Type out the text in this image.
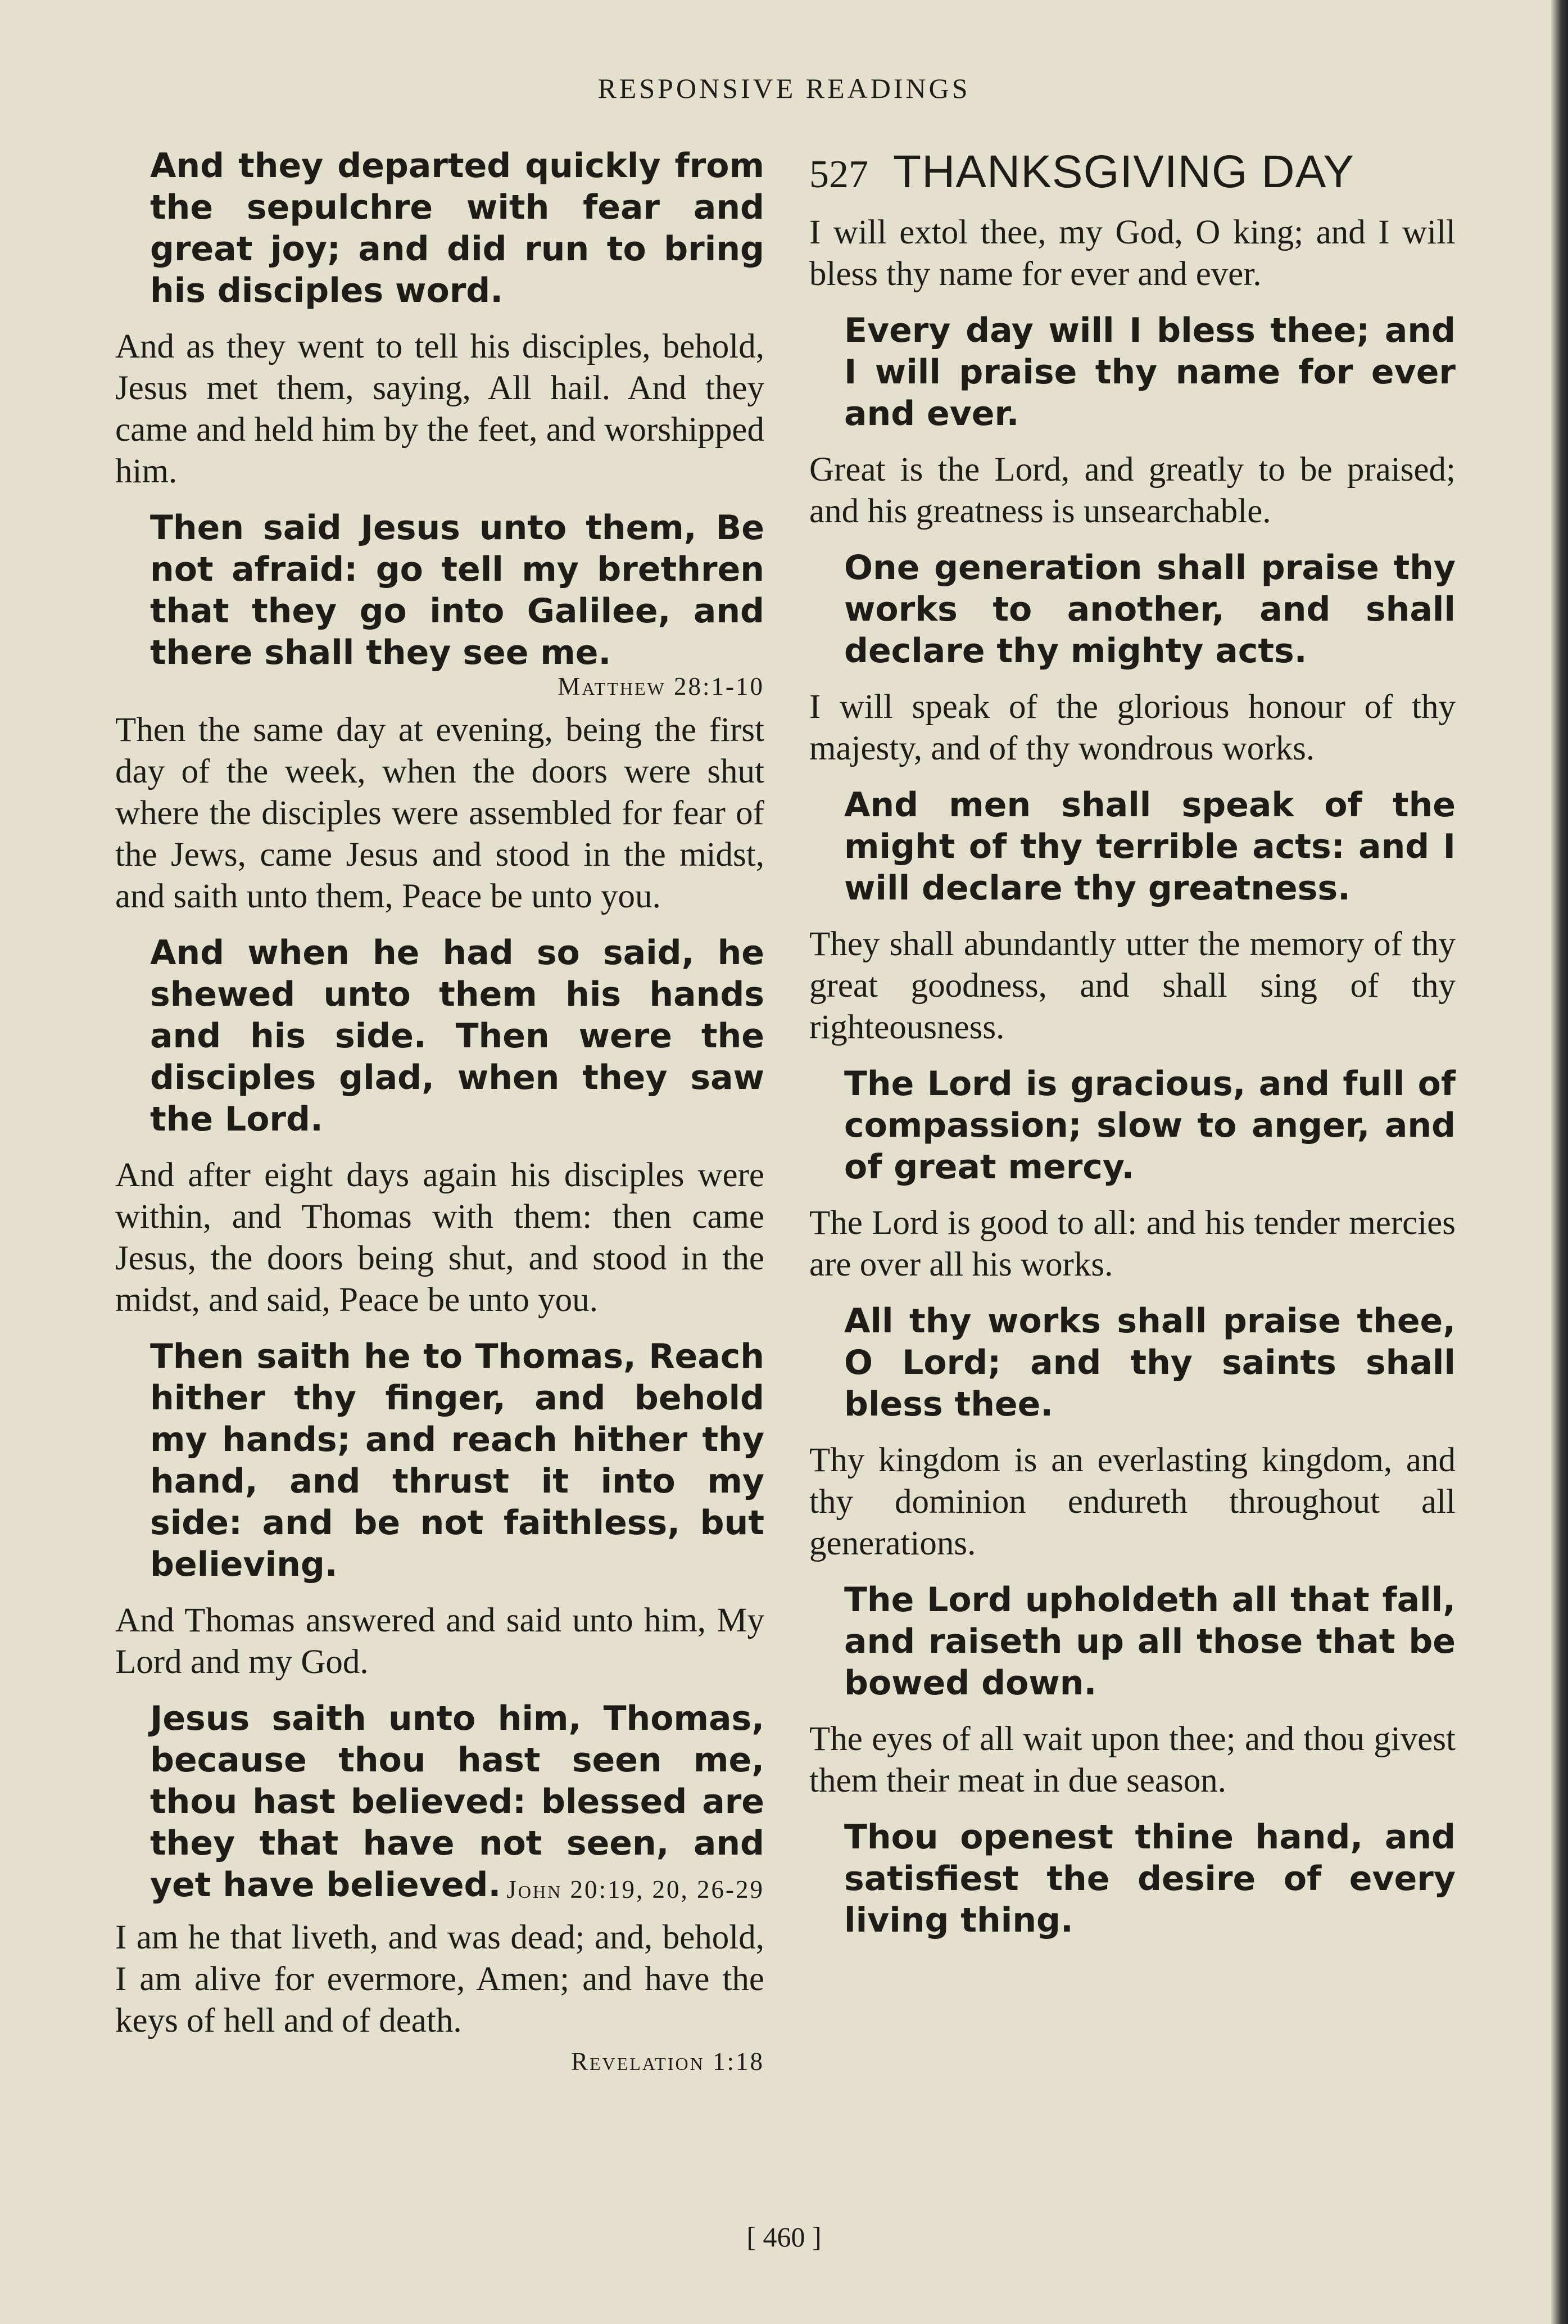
RESPONSIVE READINGS

And they departed quickly from the sepulchre with fear and great joy; and did run to bring his disciples word.

And as they went to tell his disciples, behold, Jesus met them, saying, All hail. And they came and held him by the feet, and worshipped him.

Then said Jesus unto them, Be not afraid: go tell my brethren that they go into Galilee, and there shall they see me.

Matthew 28:1-10

Then the same day at evening, being the first day of the week, when the doors were shut where the disciples were assembled for fear of the Jews, came Jesus and stood in the midst, and saith unto them, Peace be unto you.

And when he had so said, he shewed unto them his hands and his side. Then were the disciples glad, when they saw the Lord.

And after eight days again his disciples were within, and Thomas with them: then came Jesus, the doors being shut, and stood in the midst, and said, Peace be unto you.

Then saith he to Thomas, Reach hither thy finger, and behold my hands; and reach hither thy hand, and thrust it into my side: and be not faithless, but believing.

And Thomas answered and said unto him, My Lord and my God.

Jesus saith unto him, Thomas, because thou hast seen me, thou hast believed: blessed are they that have not seen, and yet have believed. John 20:19, 20, 26-29

I am he that liveth, and was dead; and, behold, I am alive for evermore, Amen; and have the keys of hell and of death.

Revelation 1:18
527 THANKSGIVING DAY

I will extol thee, my God, O king; and I will bless thy name for ever and ever.

Every day will I bless thee; and I will praise thy name for ever and ever.

Great is the Lord, and greatly to be praised; and his greatness is unsearchable.

One generation shall praise thy works to another, and shall declare thy mighty acts.

I will speak of the glorious honour of thy majesty, and of thy wondrous works.

And men shall speak of the might of thy terrible acts: and I will declare thy greatness.

They shall abundantly utter the memory of thy great goodness, and shall sing of thy righteousness.

The Lord is gracious, and full of compassion; slow to anger, and of great mercy.

The Lord is good to all: and his tender mercies are over all his works.

All thy works shall praise thee, O Lord; and thy saints shall bless thee.

Thy kingdom is an everlasting kingdom, and thy dominion endureth throughout all generations.

The Lord upholdeth all that fall, and raiseth up all those that be bowed down.

The eyes of all wait upon thee; and thou givest them their meat in due season.

Thou openest thine hand, and satisfiest the desire of every living thing.

[ 460 ]
